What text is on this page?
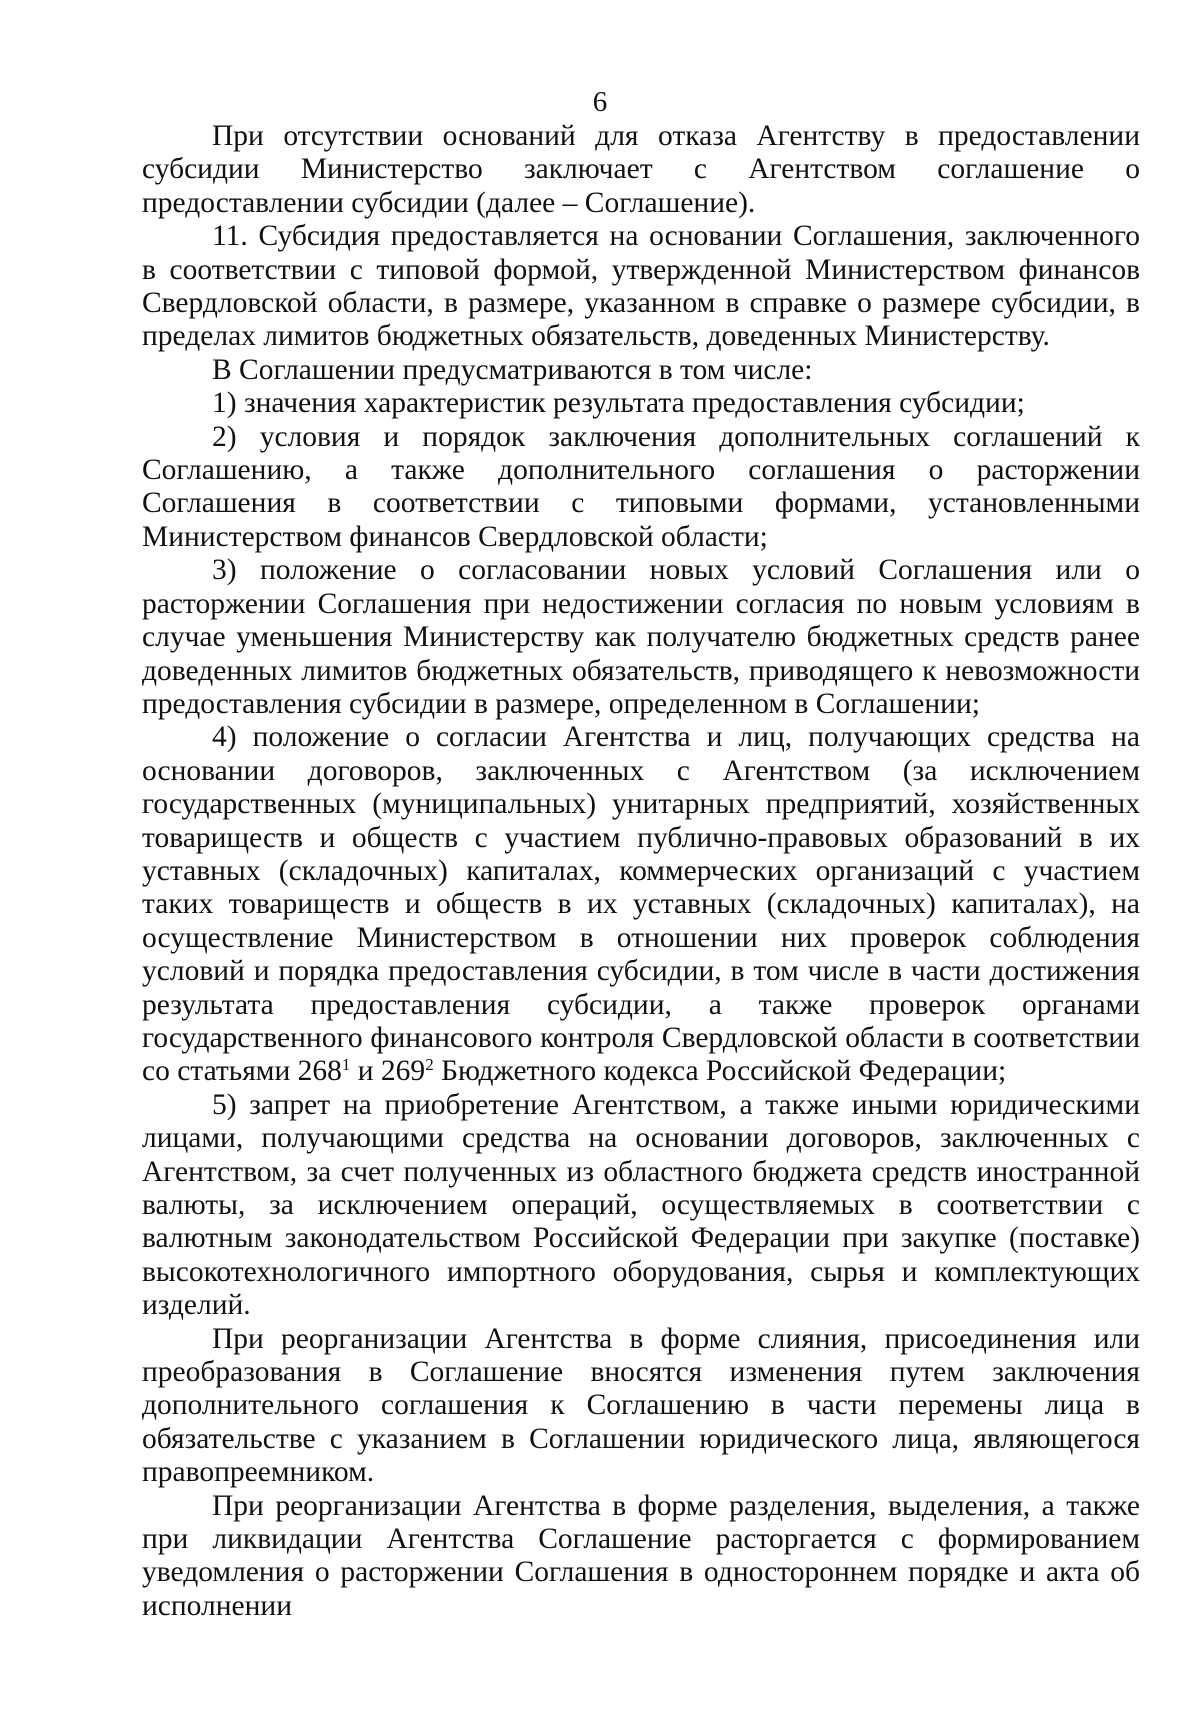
6

При отсутствии оснований для отказа Агентству в предоставлении субсидии Министерство заключает с Агентством соглашение о предоставлении субсидии (далее – Соглашение).

11. Субсидия предоставляется на основании Соглашения, заключенного в соответствии с типовой формой, утвержденной Министерством финансов Свердловской области, в размере, указанном в справке о размере субсидии, в пределах лимитов бюджетных обязательств, доведенных Министерству.

В Соглашении предусматриваются в том числе:

1) значения характеристик результата предоставления субсидии;

2) условия и порядок заключения дополнительных соглашений к Соглашению, а также дополнительного соглашения о расторжении Соглашения в соответствии с типовыми формами, установленными Министерством финансов Свердловской области;

3) положение о согласовании новых условий Соглашения или о расторжении Соглашения при недостижении согласия по новым условиям в случае уменьшения Министерству как получателю бюджетных средств ранее доведенных лимитов бюджетных обязательств, приводящего к невозможности предоставления субсидии в размере, определенном в Соглашении;

4) положение о согласии Агентства и лиц, получающих средства на основании договоров, заключенных с Агентством (за исключением государственных (муниципальных) унитарных предприятий, хозяйственных товариществ и обществ с участием публично-правовых образований в их уставных (складочных) капиталах, коммерческих организаций с участием таких товариществ и обществ в их уставных (складочных) капиталах), на осуществление Министерством в отношении них проверок соблюдения условий и порядка предоставления субсидии, в том числе в части достижения результата предоставления субсидии, а также проверок органами государственного финансового контроля Свердловской области в соответствии со статьями $268^1$ и $269^2$ Бюджетного кодекса Российской Федерации;

5) запрет на приобретение Агентством, а также иными юридическими лицами, получающими средства на основании договоров, заключенных с Агентством, за счет полученных из областного бюджета средств иностранной валюты, за исключением операций, осуществляемых в соответствии с валютным законодательством Российской Федерации при закупке (поставке) высокотехнологичного импортного оборудования, сырья и комплектующих изделий.

При реорганизации Агентства в форме слияния, присоединения или преобразования в Соглашение вносятся изменения путем заключения дополнительного соглашения к Соглашению в части перемены лица в обязательстве с указанием в Соглашении юридического лица, являющегося правопреемником.

При реорганизации Агентства в форме разделения, выделения, а также при ликвидации Агентства Соглашение расторгается с формированием уведомления о расторжении Соглашения в одностороннем порядке и акта об исполнении
